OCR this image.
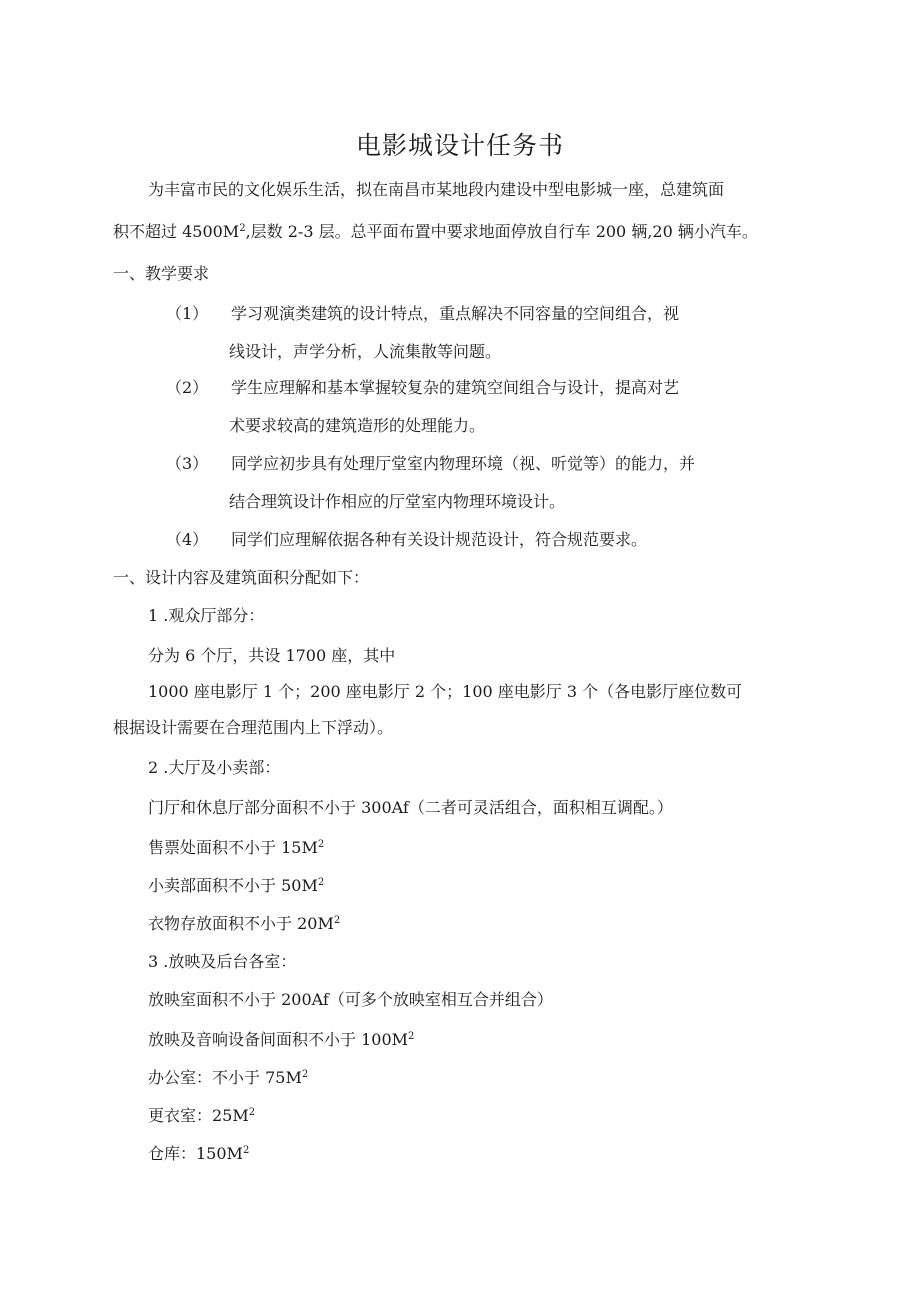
电影城设计任务书
为丰富市民的文化娱乐生活，拟在南昌市某地段内建设中型电影城一座，总建筑面
积不超过 $4500M^2$,层数 2-3 层。总平面布置中要求地面停放自行车 200 辆,20 辆小汽车。
一、教学要求
（1） 学习观演类建筑的设计特点，重点解决不同容量的空间组合，视
线设计，声学分析，人流集散等问题。
（2） 学生应理解和基本掌握较复杂的建筑空间组合与设计，提高对艺
术要求较高的建筑造形的处理能力。
（3） 同学应初步具有处理厅堂室内物理环境（视、听觉等）的能力，并
结合理筑设计作相应的厅堂室内物理环境设计。
（4） 同学们应理解依据各种有关设计规范设计，符合规范要求。
一、设计内容及建筑面积分配如下：
1 .观众厅部分：
分为 6 个厅，共设 1700 座，其中
1000 座电影厅 1 个；200 座电影厅 2 个；100 座电影厅 3 个（各电影厅座位数可
根据设计需要在合理范围内上下浮动）。
2 .大厅及小卖部：
门厅和休息厅部分面积不小于 300Af（二者可灵活组合，面积相互调配。）
售票处面积不小于 $15M^2$
小卖部面积不小于 $50M^2$
衣物存放面积不小于 $20M^2$
3 .放映及后台各室：
放映室面积不小于 200Af（可多个放映室相互合并组合）
放映及音响设备间面积不小于 $100M^2$
办公室：不小于 $75M^2$
更衣室：$25M^2$
仓库：$150M^2$
